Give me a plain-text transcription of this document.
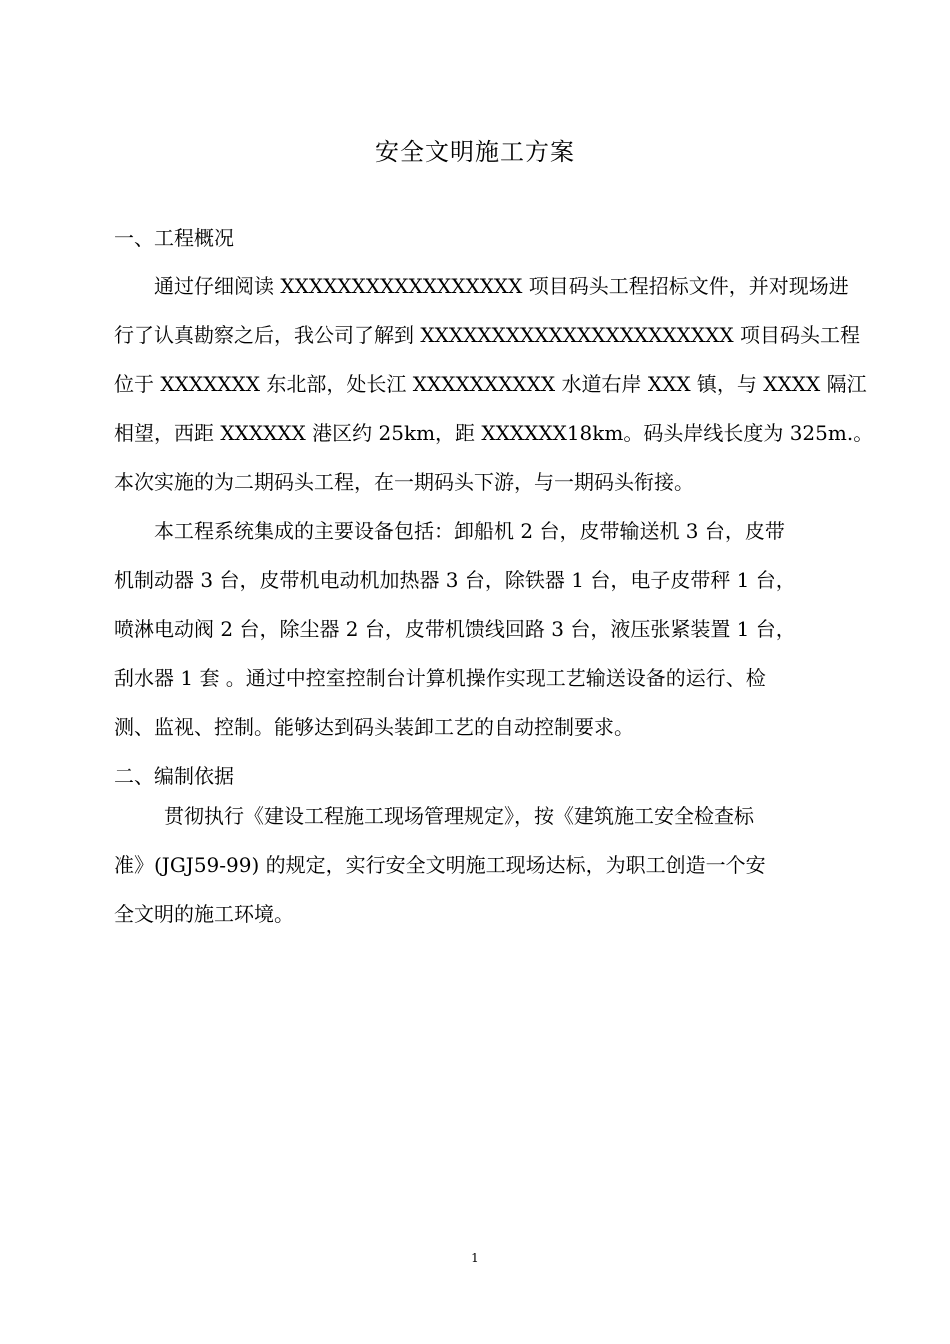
安全文明施工方案

一、工程概况

通过仔细阅读 XXXXXXXXXXXXXXXXX 项目码头工程招标文件，并对现场进
行了认真勘察之后，我公司了解到 XXXXXXXXXXXXXXXXXXXXXX 项目码头工程
位于 XXXXXXX 东北部，处长江 XXXXXXXXXX 水道右岸 XXX 镇，与 XXXX 隔江
相望，西距 XXXXXX 港区约 25km，距 XXXXXX18km。码头岸线长度为 325m.。
本次实施的为二期码头工程，在一期码头下游，与一期码头衔接。
本工程系统集成的主要设备包括：卸船机 2 台，皮带输送机 3 台，皮带
机制动器 3 台，皮带机电动机加热器 3 台，除铁器 1 台，电子皮带秤 1 台，
喷淋电动阀 2 台，除尘器 2 台，皮带机馈线回路 3 台，液压张紧装置 1 台，
刮水器 1 套 。通过中控室控制台计算机操作实现工艺输送设备的运行、检
测、监视、控制。能够达到码头装卸工艺的自动控制要求。

二、编制依据

贯彻执行《建设工程施工现场管理规定》，按《建筑施工安全检查标
准》(JGJ59-99) 的规定，实行安全文明施工现场达标，为职工创造一个安
全文明的施工环境。
1
